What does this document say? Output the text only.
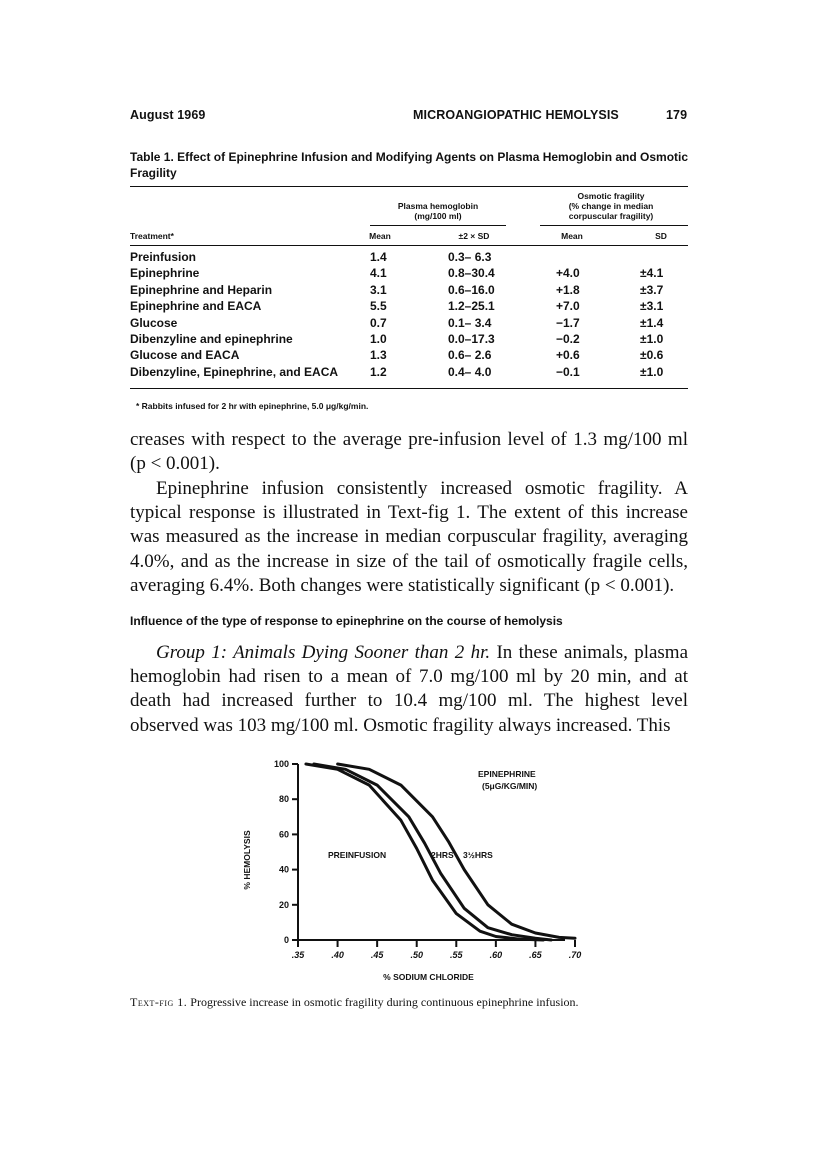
August 1969	MICROANGIOPATHIC HEMOLYSIS	179
Table 1. Effect of Epinephrine Infusion and Modifying Agents on Plasma Hemoglobin and Osmotic Fragility
Plasma hemoglobin
(mg/100 ml)
Osmotic fragility
(% change in median
corpuscular fragility)
Treatment*	Mean	±2 × SD	Mean	SD
Preinfusion	1.4	0.3– 6.3
Epinephrine	4.1	0.8–30.4	+4.0	±4.1
Epinephrine and Heparin	3.1	0.6–16.0	+1.8	±3.7
Epinephrine and EACA	5.5	1.2–25.1	+7.0	±3.1
Glucose	0.7	0.1– 3.4	−1.7	±1.4
Dibenzyline and epinephrine	1.0	0.0–17.3	−0.2	±1.0
Glucose and EACA	1.3	0.6– 2.6	+0.6	±0.6
Dibenzyline, Epinephrine, and EACA	1.2	0.4– 4.0	−0.1	±1.0
* Rabbits infused for 2 hr with epinephrine, 5.0 μg/kg/min.

creases with respect to the average pre-infusion level of 1.3 mg/100 ml (p < 0.001).

Epinephrine infusion consistently increased osmotic fragility. A typical response is illustrated in Text-fig 1. The extent of this increase was measured as the increase in median corpuscular fragility, averaging 4.0%, and as the increase in size of the tail of osmotically fragile cells, averaging 6.4%. Both changes were statistically significant (p < 0.001).

Influence of the type of response to epinephrine on the course of hemolysis

Group 1: Animals Dying Sooner than 2 hr. In these animals, plasma hemoglobin had risen to a mean of 7.0 mg/100 ml by 20 min, and at death had increased further to 10.4 mg/100 ml. The highest level observed was 103 mg/100 ml. Osmotic fragility always increased. This

0
20
40
60
80
100
.35	.40	.45	.50	.55	.60	.65	.70
% SODIUM CHLORIDE
% HEMOLYSIS
EPINEPHRINE
(5μG/KG/MIN)
PREINFUSION	2HRS 3½HRS
Text-fig 1. Progressive increase in osmotic fragility during continuous epinephrine infusion.
